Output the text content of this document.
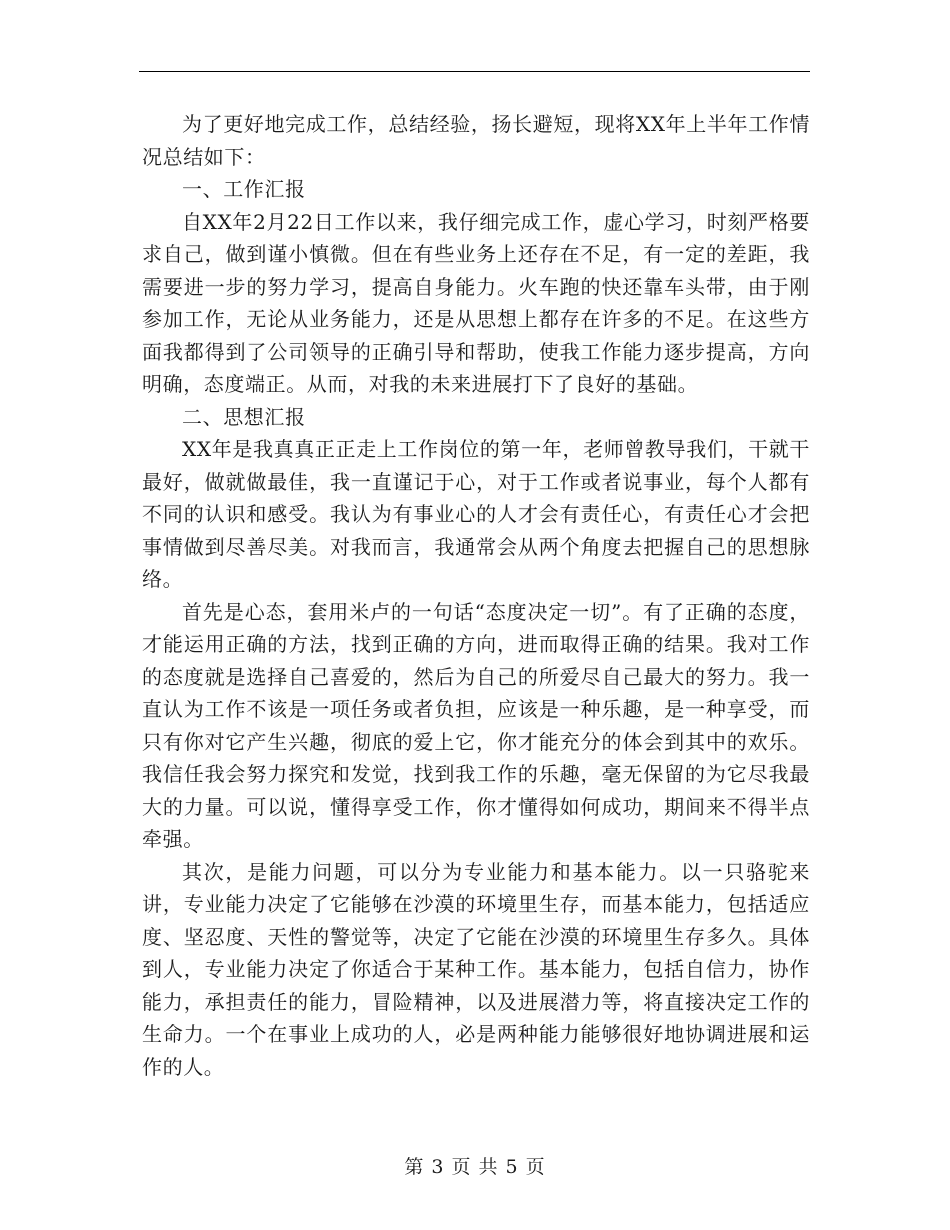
为了更好地完成工作，总结经验，扬长避短，现将XX年上半年工作情况总结如下：

一、工作汇报

自XX年2月22日工作以来，我仔细完成工作，虚心学习，时刻严格要求自己，做到谨小慎微。但在有些业务上还存在不足，有一定的差距，我需要进一步的努力学习，提高自身能力。火车跑的快还靠车头带，由于刚参加工作，无论从业务能力，还是从思想上都存在许多的不足。在这些方面我都得到了公司领导的正确引导和帮助，使我工作能力逐步提高，方向明确，态度端正。从而，对我的未来进展打下了良好的基础。

二、思想汇报

XX年是我真真正正走上工作岗位的第一年，老师曾教导我们，干就干最好，做就做最佳，我一直谨记于心，对于工作或者说事业，每个人都有不同的认识和感受。我认为有事业心的人才会有责任心，有责任心才会把事情做到尽善尽美。对我而言，我通常会从两个角度去把握自己的思想脉络。

首先是心态，套用米卢的一句话“态度决定一切”。有了正确的态度，才能运用正确的方法，找到正确的方向，进而取得正确的结果。我对工作的态度就是选择自己喜爱的，然后为自己的所爱尽自己最大的努力。我一直认为工作不该是一项任务或者负担，应该是一种乐趣，是一种享受，而只有你对它产生兴趣，彻底的爱上它，你才能充分的体会到其中的欢乐。我信任我会努力探究和发觉，找到我工作的乐趣，毫无保留的为它尽我最大的力量。可以说，懂得享受工作，你才懂得如何成功，期间来不得半点牵强。

其次，是能力问题，可以分为专业能力和基本能力。以一只骆驼来讲，专业能力决定了它能够在沙漠的环境里生存，而基本能力，包括适应度、坚忍度、天性的警觉等，决定了它能在沙漠的环境里生存多久。具体到人，专业能力决定了你适合于某种工作。基本能力，包括自信力，协作能力，承担责任的能力，冒险精神，以及进展潜力等，将直接决定工作的生命力。一个在事业上成功的人，必是两种能力能够很好地协调进展和运作的人。

第 3 页 共 5 页
